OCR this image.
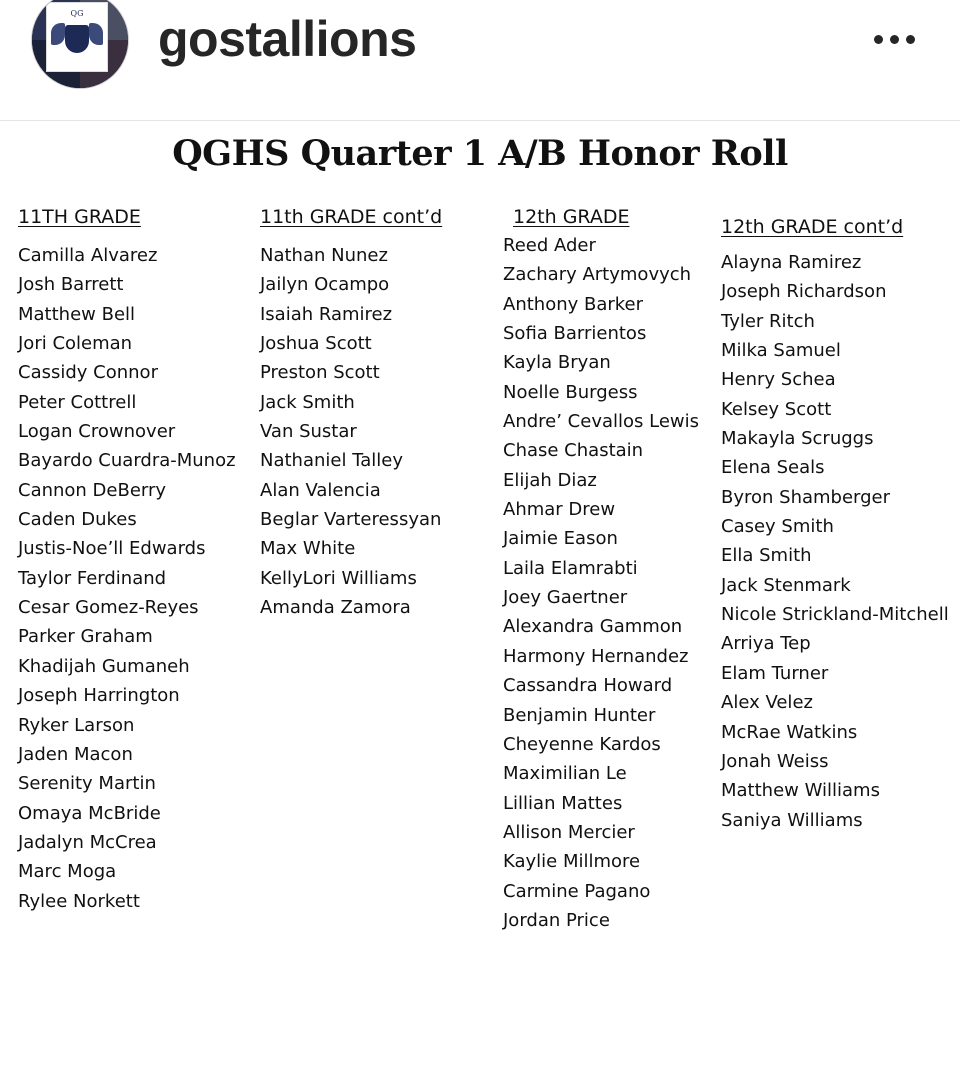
QG	gostallions
QGHS Quarter 1 A/B Honor Roll
11TH GRADE
Camilla Alvarez
Josh Barrett
Matthew Bell
Jori Coleman
Cassidy Connor
Peter Cottrell
Logan Crownover
Bayardo Cuardra-Munoz
Cannon DeBerry
Caden Dukes
Justis-Noe’ll Edwards
Taylor Ferdinand
Cesar Gomez-Reyes
Parker Graham
Khadijah Gumaneh
Joseph Harrington
Ryker Larson
Jaden Macon
Serenity Martin
Omaya McBride
Jadalyn McCrea
Marc Moga
Rylee Norkett
11th GRADE cont’d
Nathan Nunez
Jailyn Ocampo
Isaiah Ramirez
Joshua Scott
Preston Scott
Jack Smith
Van Sustar
Nathaniel Talley
Alan Valencia
Beglar Varteressyan
Max White
KellyLori Williams
Amanda Zamora
12th GRADE
Reed Ader
Zachary Artymovych
Anthony Barker
Sofia Barrientos
Kayla Bryan
Noelle Burgess
Andre’ Cevallos Lewis
Chase Chastain
Elijah Diaz
Ahmar Drew
Jaimie Eason
Laila Elamrabti
Joey Gaertner
Alexandra Gammon
Harmony Hernandez
Cassandra Howard
Benjamin Hunter
Cheyenne Kardos
Maximilian Le
Lillian Mattes
Allison Mercier
Kaylie Millmore
Carmine Pagano
Jordan Price
12th GRADE cont’d
Alayna Ramirez
Joseph Richardson
Tyler Ritch
Milka Samuel
Henry Schea
Kelsey Scott
Makayla Scruggs
Elena Seals
Byron Shamberger
Casey Smith
Ella Smith
Jack Stenmark
Nicole Strickland-Mitchell
Arriya Tep
Elam Turner
Alex Velez
McRae Watkins
Jonah Weiss
Matthew Williams
Saniya Williams
